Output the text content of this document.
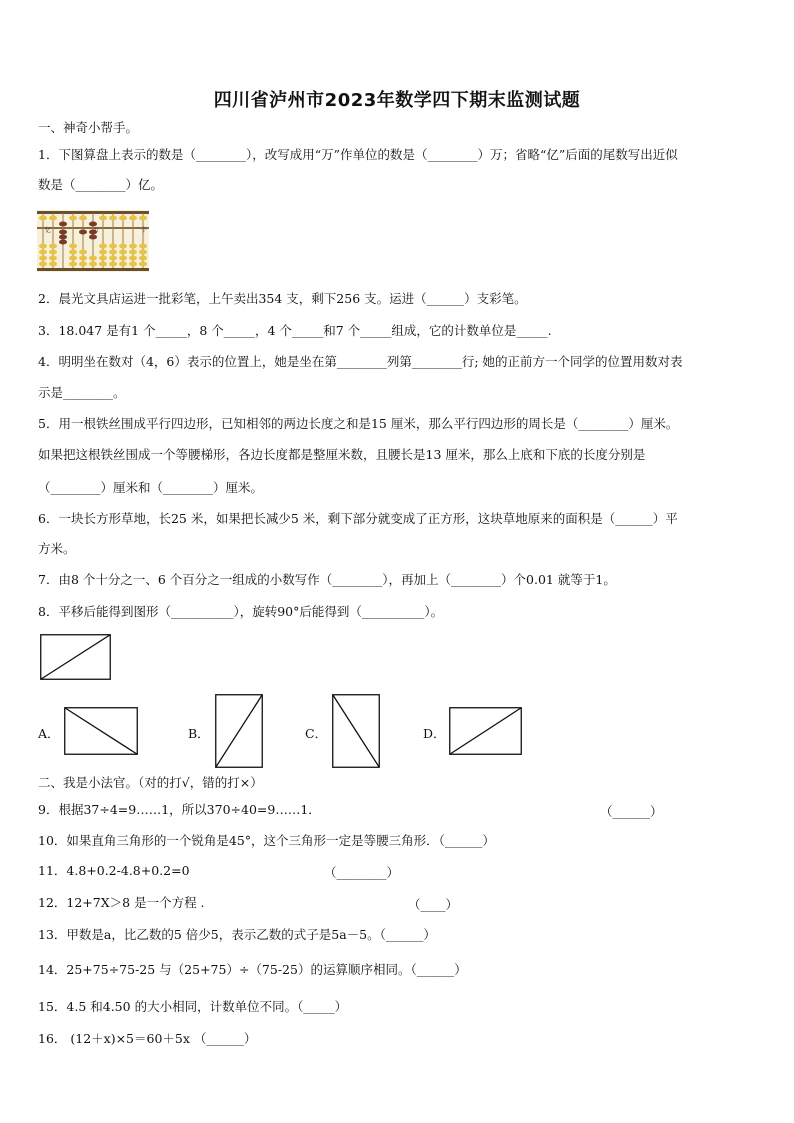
四川省泸州市2023年数学四下期末监测试题
一、神奇小帮手。
1．下图算盘上表示的数是（________），改写成用“万”作单位的数是（________）万；省略“亿”后面的尾数写出近似
数是（________）亿。
亿	万	个
2．晨光文具店运进一批彩笔，上午卖出354 支，剩下256 支。运进（______）支彩笔。
3．18.047 是有1 个_____，8 个_____，4 个_____和7 个_____组成，它的计数单位是_____.
4．明明坐在数对（4，6）表示的位置上，她是坐在第________列第________行; 她的正前方一个同学的位置用数对表
示是________。
5．用一根铁丝围成平行四边形，已知相邻的两边长度之和是15 厘米，那么平行四边形的周长是（________）厘米。
如果把这根铁丝围成一个等腰梯形，各边长度都是整厘米数，且腰长是13 厘米，那么上底和下底的长度分别是
（________）厘米和（________）厘米。
6．一块长方形草地，长25 米，如果把长减少5 米，剩下部分就变成了正方形，这块草地原来的面积是（______）平
方米。
7．由8 个十分之一、6 个百分之一组成的小数写作（________），再加上（________）个0.01 就等于1。
8．平移后能得到图形（__________），旋转90°后能得到（__________）。
A．	B．	C．	D．
二、我是小法官。（对的打√，错的打×）
9．根据37÷4=9……1，所以370÷40=9……1．	（______）
10．如果直角三角形的一个锐角是45°，这个三角形一定是等腰三角形．（______）
11．4.8+0.2-4.8+0.2=0	（________）
12．12+7X＞8 是一个方程 .	（____）
13．甲数是a，比乙数的5 倍少5，表示乙数的式子是5a－5。（______）
14．25+75÷75-25 与（25+75）÷（75-25）的运算顺序相同。（______）
15．4.5 和4.50 的大小相同，计数单位不同。（_____）
16． (12＋x)×5＝60＋5x （______）
